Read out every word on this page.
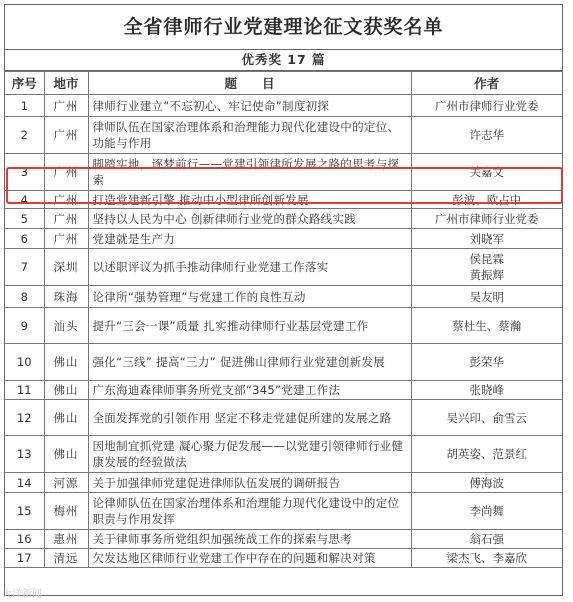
全省律师行业党建理论征文获奖名单
优秀奖 17 篇
序号	地市	题　　目	作者
1	广州	律师行业建立“不忘初心、牢记使命”制度初探	广州市律师行业党委
2	广州	律师队伍在国家治理体系和治理能力现代化建设中的定位、功能与作用	许志华
3	广州	脚踏实地，逐梦前行——党建引领律所发展之路的思考与探索	关嘉文
4	广州	打造党建新引擎 推动中小型律所创新发展	彭波、欧占中
5	广州	坚持以人民为中心 创新律师行业党的群众路线实践	广州市律师行业党委
6	广州	党建就是生产力	刘晓军
7	深圳	以述职评议为抓手推动律师行业党建工作落实	侯昆霖
黄振辉
8	珠海	论律所“强势管理”与党建工作的良性互动	吴友明
9	汕头	提升“三会一课”质量 扎实推动律师行业基层党建工作	蔡杜生、蔡瀚
10	佛山	强化“三线” 提高“三力” 促进佛山律师行业党建创新发展	彭荣华
11	佛山	广东海迪森律师事务所党支部“345”党建工作法	张晓峰
12	佛山	全面发挥党的引领作用 坚定不移走党建促所建的发展之路	吴兴印、俞雪云
13	佛山	因地制宜抓党建 凝心聚力促发展——以党建引领律师行业健康发展的经验做法	胡英姿、范景红
14	河源	关于加强律师党建促进律师队伍发展的调研报告	傅海波
15	梅州	论律师队伍在国家治理体系和治理能力现代化建设中的定位职责与作用发挥	李尚舞
16	惠州	关于律师事务所党组织加强统战工作的探索与思考	翁石强
17	清远	欠发达地区律师行业党建工作中存在的问题和解决对策	梁杰飞、李嘉欣
大洋新闻
